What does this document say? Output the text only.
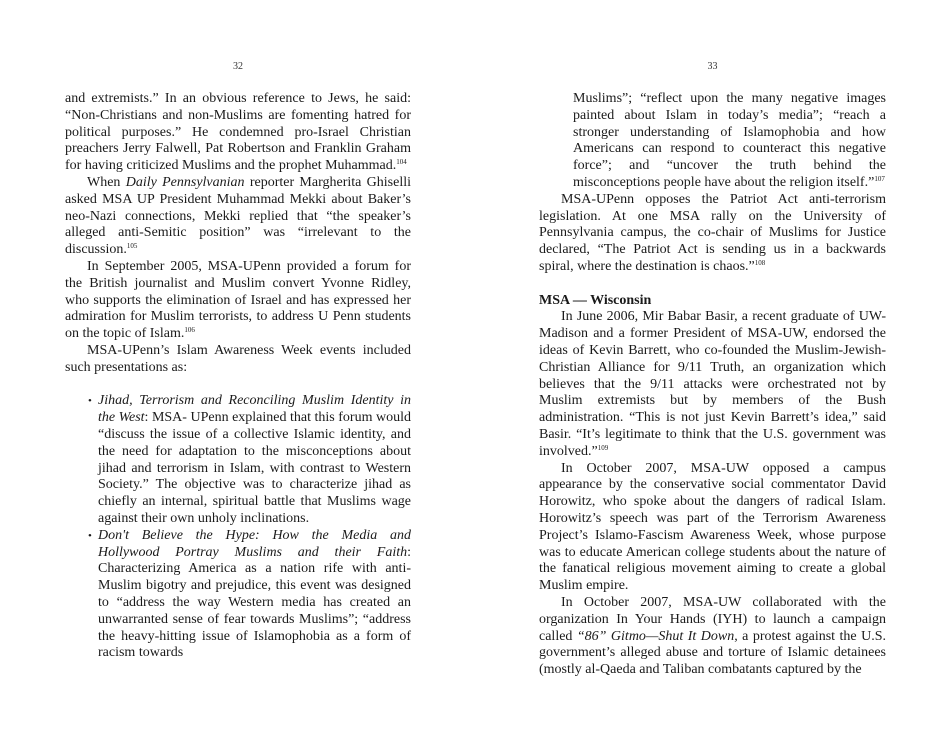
32

and extremists.” In an obvious reference to Jews, he said: “Non-Christians and non-Muslims are fomenting hatred for political purposes.” He condemned pro-Israel Christian preachers Jerry Falwell, Pat Robertson and Franklin Graham for having criticized Muslims and the prophet Muhammad.$^{104}$

When Daily Pennsylvanian reporter Margherita Ghiselli asked MSA UP President Muhammad Mekki about Baker’s neo-Nazi connections, Mekki replied that “the speaker’s alleged anti-Semitic position” was “irrelevant to the discussion.$^{105}$

In September 2005, MSA-UPenn provided a forum for the British journalist and Muslim convert Yvonne Ridley, who supports the elimination of Israel and has expressed her admiration for Muslim terrorists, to address U Penn students on the topic of Islam.$^{106}$

MSA-UPenn’s Islam Awareness Week events included such presentations as:

• Jihad, Terrorism and Reconciling Muslim Identity in the West: MSA- UPenn explained that this forum would “discuss the issue of a collective Islamic identity, and the need for adaptation to the misconceptions about jihad and terrorism in Islam, with contrast to Western Society.” The objective was to characterize jihad as chiefly an internal, spiritual battle that Muslims wage against their own unholy inclinations.
• Don't Believe the Hype: How the Media and Hollywood Portray Muslims and their Faith: Characterizing America as a nation rife with anti-Muslim bigotry and prejudice, this event was designed to “address the way Western media has created an unwarranted sense of fear towards Muslims”; “address the heavy-hitting issue of Islamophobia as a form of racism towards
33

Muslims”; “reflect upon the many negative images painted about Islam in today’s media”; “reach a stronger understanding of Islamophobia and how Americans can respond to counteract this negative force”; and “uncover the truth behind the misconceptions people have about the religion itself.”$^{107}$

MSA-UPenn opposes the Patriot Act anti-terrorism legislation. At one MSA rally on the University of Pennsylvania campus, the co-chair of Muslims for Justice declared, “The Patriot Act is sending us in a backwards spiral, where the destination is chaos.”$^{108}$

MSA — Wisconsin

In June 2006, Mir Babar Basir, a recent graduate of UW-Madison and a former President of MSA-UW, endorsed the ideas of Kevin Barrett, who co-founded the Muslim-Jewish-Christian Alliance for 9/11 Truth, an organization which believes that the 9/11 attacks were orchestrated not by Muslim extremists but by members of the Bush administration. “This is not just Kevin Barrett’s idea,” said Basir. “It’s legitimate to think that the U.S. government was involved.”$^{109}$

In October 2007, MSA-UW opposed a campus appearance by the conservative social commentator David Horowitz, who spoke about the dangers of radical Islam. Horowitz’s speech was part of the Terrorism Awareness Project’s Islamo-Fascism Awareness Week, whose purpose was to educate American college students about the nature of the fanatical religious movement aiming to create a global Muslim empire.

In October 2007, MSA-UW collaborated with the organization In Your Hands (IYH) to launch a campaign called “86” Gitmo—Shut It Down, a protest against the U.S. government’s alleged abuse and torture of Islamic detainees (mostly al-Qaeda and Taliban combatants captured by the
